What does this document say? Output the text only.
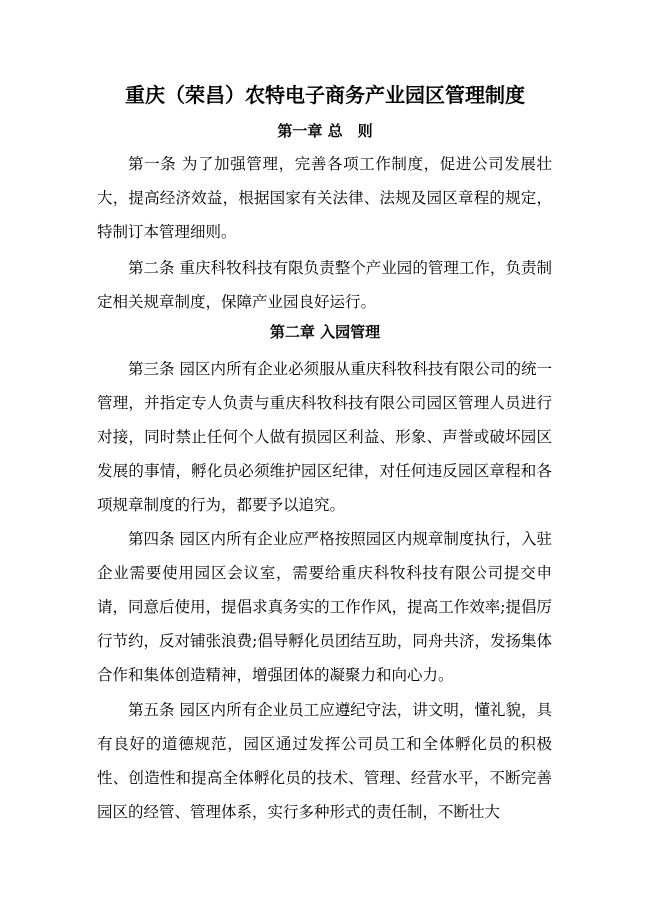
重庆（荣昌）农特电子商务产业园区管理制度
第一章 总　则

第一条 为了加强管理，完善各项工作制度，促进公司发展壮大，提高经济效益，根据国家有关法律、法规及园区章程的规定，特制订本管理细则。

第二条 重庆科牧科技有限负责整个产业园的管理工作，负责制定相关规章制度，保障产业园良好运行。

第二章 入园管理

第三条 园区内所有企业必须服从重庆科牧科技有限公司的统一管理，并指定专人负责与重庆科牧科技有限公司园区管理人员进行对接，同时禁止任何个人做有损园区利益、形象、声誉或破坏园区发展的事情，孵化员必须维护园区纪律，对任何违反园区章程和各项规章制度的行为，都要予以追究。

第四条 园区内所有企业应严格按照园区内规章制度执行，入驻企业需要使用园区会议室，需要给重庆科牧科技有限公司提交申请，同意后使用，提倡求真务实的工作作风，提高工作效率;提倡厉行节约，反对铺张浪费;倡导孵化员团结互助，同舟共济，发扬集体合作和集体创造精神，增强团体的凝聚力和向心力。

第五条 园区内所有企业员工应遵纪守法，讲文明，懂礼貌，具有良好的道德规范，园区通过发挥公司员工和全体孵化员的积极性、创造性和提高全体孵化员的技术、管理、经营水平，不断完善园区的经管、管理体系，实行多种形式的责任制，不断壮大
